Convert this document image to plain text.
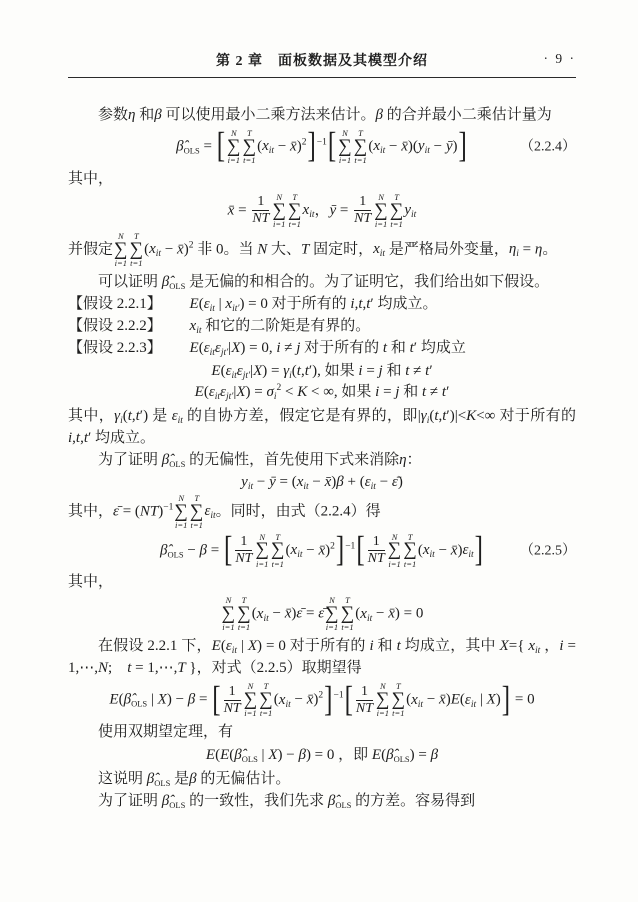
第 2 章　面板数据及其模型介绍	· 9 ·

参数η 和β 可以使用最小二乘方法来估计。β 的合并最小二乘估计量为

$\betâ_{OLS}$ = [ N
∑
i=1
T
∑
t=1
($x_{it}$ − x̄)$^2$]$^{-1}$[ N
∑
i=1
T
∑
t=1
($x_{it}$ − $x̄)(y_{it}$ − ȳ)]	（2.2.4）

其中，

x̄ = $\frac{1}{NT}$ N
∑
i=1
T
∑
t=1
$x_{it}$，ȳ = $\frac{1}{NT}$ N
∑
i=1
T
∑
t=1
$y_{it}$

并假定
N
∑
i=1
T
∑
t=1
($x_{it}$ − x̄)$^2$ 非 0。当 N 大、T 固定时，$x_{it}$ 是严格局外变量，$\eta_i = \eta$。

可以证明 $\betâ_{OLS}$ 是无偏的和相合的。为了证明它，我们给出如下假设。

【假设 2.2.1】 $E(\varepsilon_{it}$ | $x_{it'}) = 0$ 对于所有的 i,t,t′ 均成立。

【假设 2.2.2】 $x_{it}$ 和它的二阶矩是有界的。

【假设 2.2.3】 $E(\varepsilon_{it}\varepsilon_{jt'}|X) = 0$, i ≠ j 对于所有的 t 和 t′ 均成立

$E(\varepsilon_{it}\varepsilon_{jt'}|X) = \gamma_i(t,t')$, 如果 i = j 和 t ≠ t′
$E(\varepsilon_{it}\varepsilon_{jt'}|X) = \sigma_i^2 < K$ < ∞, 如果 i = j 和 t ≠ t′

其中，$\gamma_i(t,t')$ 是 $\varepsilon_{it}$ 的自协方差，假定它是有界的，即$|\gamma_i(t,t')|<K<\infty$ 对于所有的 i,t,t′ 均成立。

为了证明 $\betâ_{OLS}$ 的无偏性，首先使用下式来消除η：

$y_{it}$ − ȳ = ($x_{it}$ − x̄)β + ($\varepsilon_{it}$ − ε̄)

其中，ε̄ = (NT)$^{-1}$
N
∑
i=1
T
∑
t=1
$\varepsilon_{it}$。同时，由式（2.2.4）得

$\betâ_{OLS} - \beta$ = [ $\frac{1}{NT}$ N
∑
i=1
T
∑
t=1
($x_{it}$ − x̄)$^2$]$^{-1}$[ $\frac{1}{NT}$ N
∑
i=1
T
∑
t=1
($x_{it}$ − $x̄)\varepsilon_{it}$]	（2.2.5）

其中，

N
∑
i=1
T
∑
t=1
($x_{it}$ − x̄)ε̄ = ε̄
N
∑
i=1
T
∑
t=1
($x_{it}$ − x̄) = 0

在假设 2.2.1 下，$E(\varepsilon_{it}$ | X) = 0 对于所有的 i 和 t 均成立，其中 X={ $x_{it}$ ，i = 1,⋯,N;　t = 1,⋯,T }，对式（2.2.5）取期望得

$E(\betâ_{OLS}$ | X) − β = [ $\frac{1}{NT}$ N
∑
i=1
T
∑
t=1
($x_{it}$ − x̄)$^2$]$^{-1}$[ $\frac{1}{NT}$ N
∑
i=1
T
∑
t=1
($x_{it}$ − $x̄)E(\varepsilon_{it}$ | X)] = 0

使用双期望定理，有

$E(E(\betâ_{OLS}$ | X) − β) = 0 ，即 $E(\betâ_{OLS}) = \beta$

这说明 $\betâ_{OLS}$ 是β 的无偏估计。

为了证明 $\betâ_{OLS}$ 的一致性，我们先求 $\betâ_{OLS}$ 的方差。容易得到
